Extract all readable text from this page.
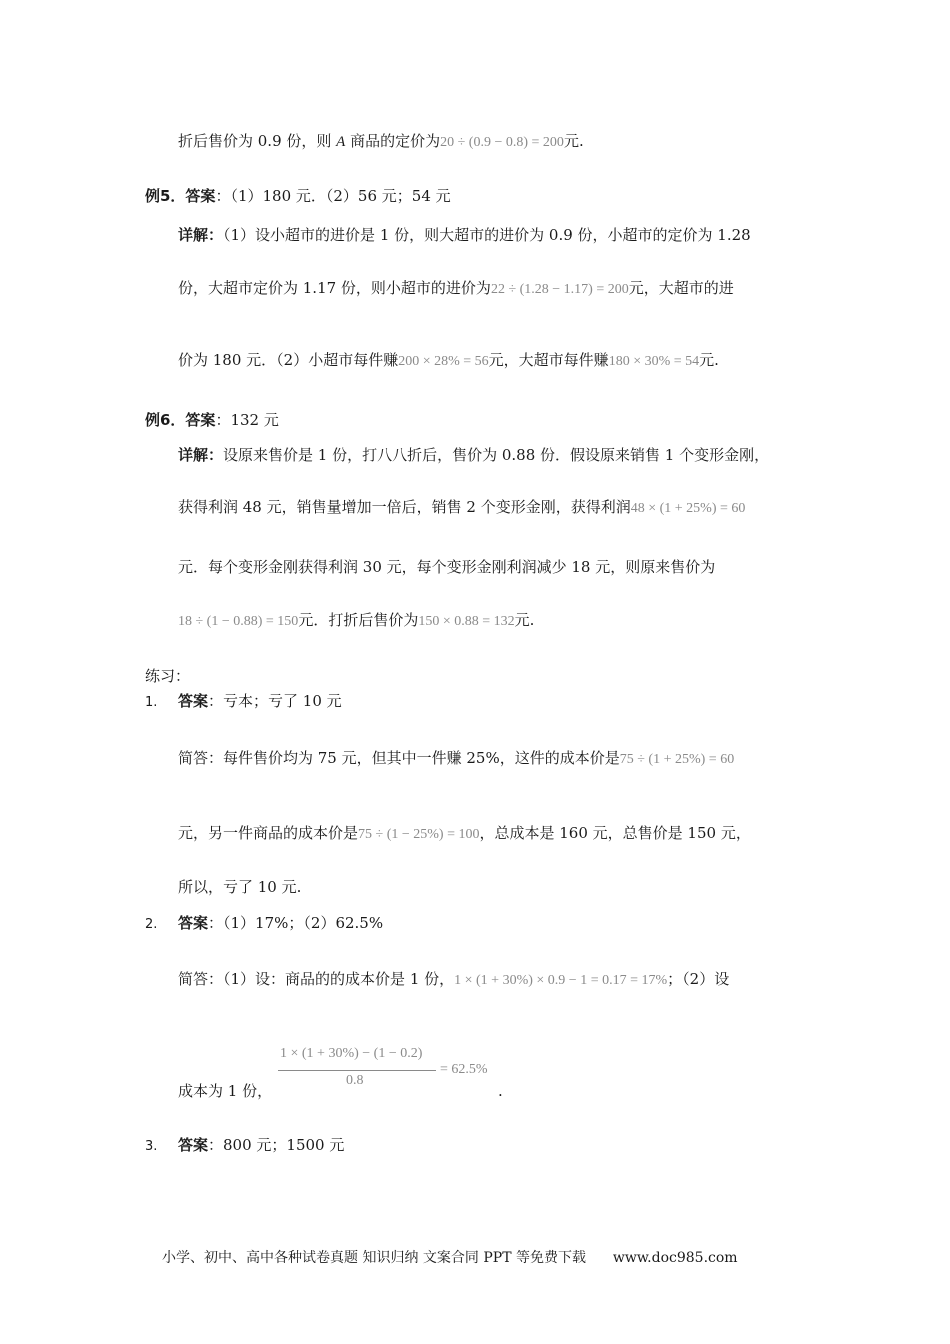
折后售价为 0.9 份，则 A 商品的定价为20 ÷ (0.9 − 0.8) = 200元.
例5．答案：（1）180 元．（2）56 元；54 元
详解：（1）设小超市的进价是 1 份，则大超市的进价为 0.9 份，小超市的定价为 1.28
份，大超市定价为 1.17 份，则小超市的进价为22 ÷ (1.28 − 1.17) = 200元，大超市的进
价为 180 元．（2）小超市每件赚200 × 28% = 56元，大超市每件赚180 × 30% = 54元.
例6．答案：132 元
详解：设原来售价是 1 份，打八八折后，售价为 0.88 份．假设原来销售 1 个变形金刚，
获得利润 48 元，销售量增加一倍后，销售 2 个变形金刚，获得利润48 × (1 + 25%) = 60
元．每个变形金刚获得利润 30 元，每个变形金刚利润减少 18 元，则原来售价为
18 ÷ (1 − 0.88) = 150元．打折后售价为150 × 0.88 = 132元.
练习：
1. 答案：亏本；亏了 10 元
简答：每件售价均为 75 元，但其中一件赚 25%，这件的成本价是75 ÷ (1 + 25%) = 60
元，另一件商品的成本价是75 ÷ (1 − 25%) = 100，总成本是 160 元，总售价是 150 元，
所以，亏了 10 元.
2. 答案：（1）17%；（2）62.5%
简答：（1）设：商品的的成本价是 1 份，1 × (1 + 30%) × 0.9 − 1 = 0.17 = 17%；（2）设
成本为 1 份，
1 × (1 + 30%) − (1 − 0.2)
0.8
= 62.5%
.
3. 答案：800 元；1500 元
小学、初中、高中各种试卷真题 知识归纳 文案合同 PPT 等免费下载 www.doc985.com
